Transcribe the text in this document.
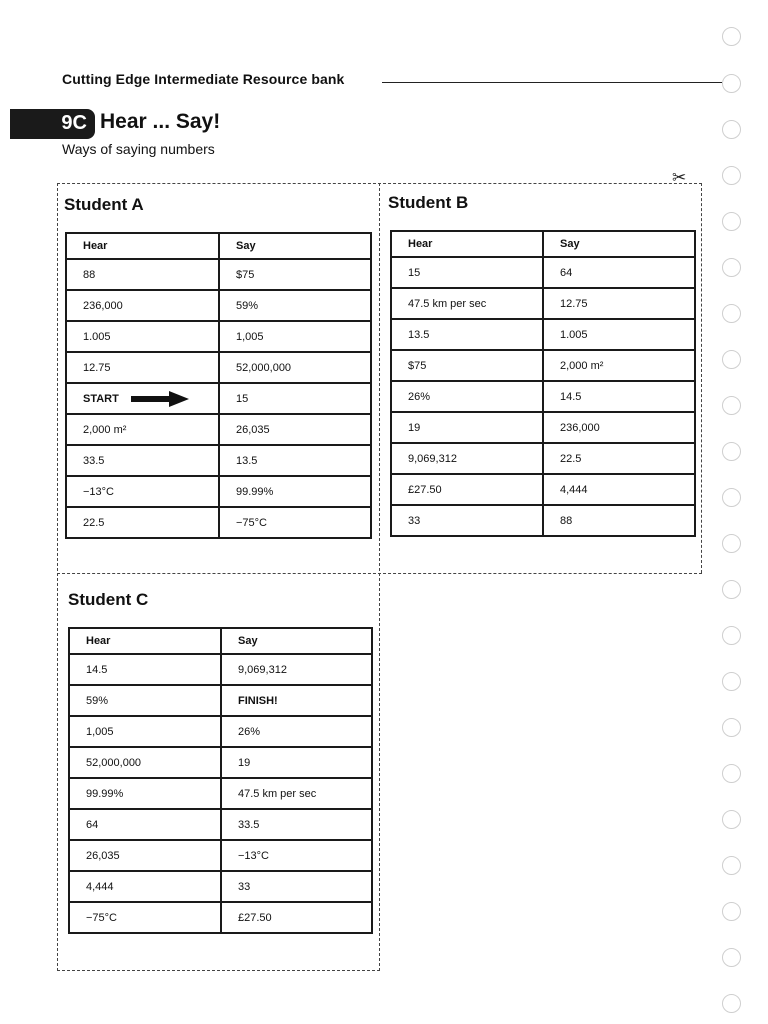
Cutting Edge Intermediate Resource bank
9C Hear ... Say!
Ways of saying numbers
✂
Student A
Hear	Say
88	$75
236,000	59%
1.005	1,005
12.75	52,000,000
START	15
2,000 m²	26,035
33.5	13.5
−13°C	99.99%
22.5	−75°C
Student B
Hear	Say
15	64
47.5 km per sec	12.75
13.5	1.005
$75	2,000 m²
26%	14.5
19	236,000
9,069,312	22.5
£27.50	4,444
33	88
Student C
Hear	Say
14.5	9,069,312
59%	FINISH!
1,005	26%
52,000,000	19
99.99%	47.5 km per sec
64	33.5
26,035	−13°C
4,444	33
−75°C	£27.50
